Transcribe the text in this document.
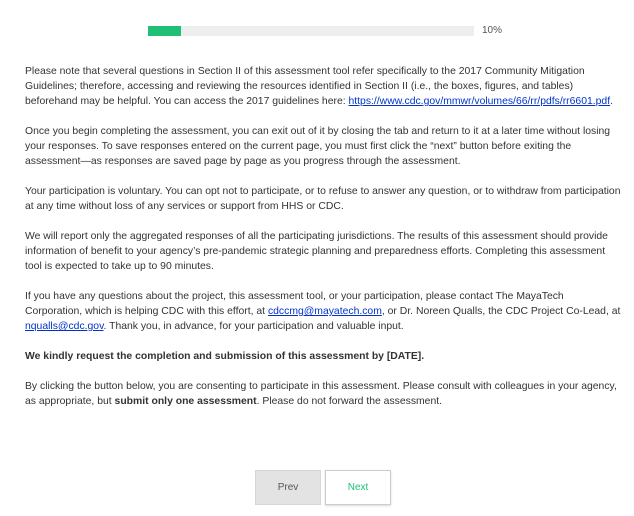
10%

Please note that several questions in Section II of this assessment tool refer specifically to the 2017 Community Mitigation Guidelines; therefore, accessing and reviewing the resources identified in Section II (i.e., the boxes, figures, and tables) beforehand may be helpful. You can access the 2017 guidelines here: https://www.cdc.gov/mmwr/volumes/66/rr/pdfs/rr6601.pdf.

Once you begin completing the assessment, you can exit out of it by closing the tab and return to it at a later time without losing your responses. To save responses entered on the current page, you must first click the “next” button before exiting the assessment—as responses are saved page by page as you progress through the assessment.

Your participation is voluntary. You can opt not to participate, or to refuse to answer any question, or to withdraw from participation at any time without loss of any services or support from HHS or CDC.

We will report only the aggregated responses of all the participating jurisdictions. The results of this assessment should provide information of benefit to your agency’s pre-pandemic strategic planning and preparedness efforts. Completing this assessment tool is expected to take up to 90 minutes.

If you have any questions about the project, this assessment tool, or your participation, please contact The MayaTech Corporation, which is helping CDC with this effort, at cdccmg@mayatech.com, or Dr. Noreen Qualls, the CDC Project Co-Lead, at nqualls@cdc.gov. Thank you, in advance, for your participation and valuable input.

We kindly request the completion and submission of this assessment by [DATE].

By clicking the button below, you are consenting to participate in this assessment. Please consult with colleagues in your agency, as appropriate, but submit only one assessment. Please do not forward the assessment.

Prev	Next
